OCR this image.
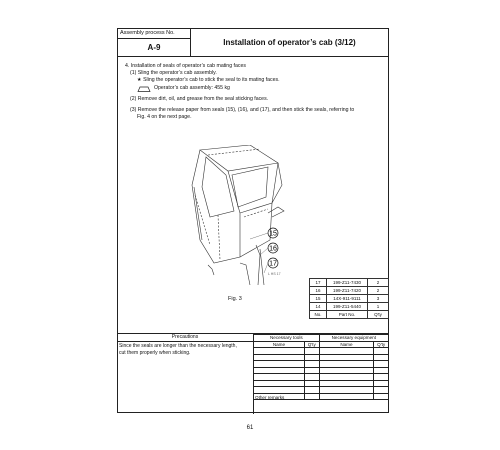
Assembly process No.
A-9
Installation of operator’s cab (3/12)
4. Installation of seals of operator’s cab mating faces
(1) Sling the operator’s cab assembly.
★ Sling the operator’s cab to stick the seal to its mating faces.
Operator’s cab assembly: 455 kg
(2) Remove dirt, oil, and grease from the seal sticking faces.
(3) Remove the release paper from seals (15), (16), and (17), and then stick the seals, referring to
Fig. 4 on the next page.
15
16
17
L HS 17
Fig. 3
17	199-Z11-7430	2
16	199-Z11-7420	2
15	14X-911-9111	3
14	199-Z11-5440	1
No.	Part No.	Q'ty
Precautions
Since the seals are longer than the necessary length,
cut them properly when sticking.
Necessary tools		Necessary equipment	
Name	Q'ty	Name	Q'ty

Other remarks
61
